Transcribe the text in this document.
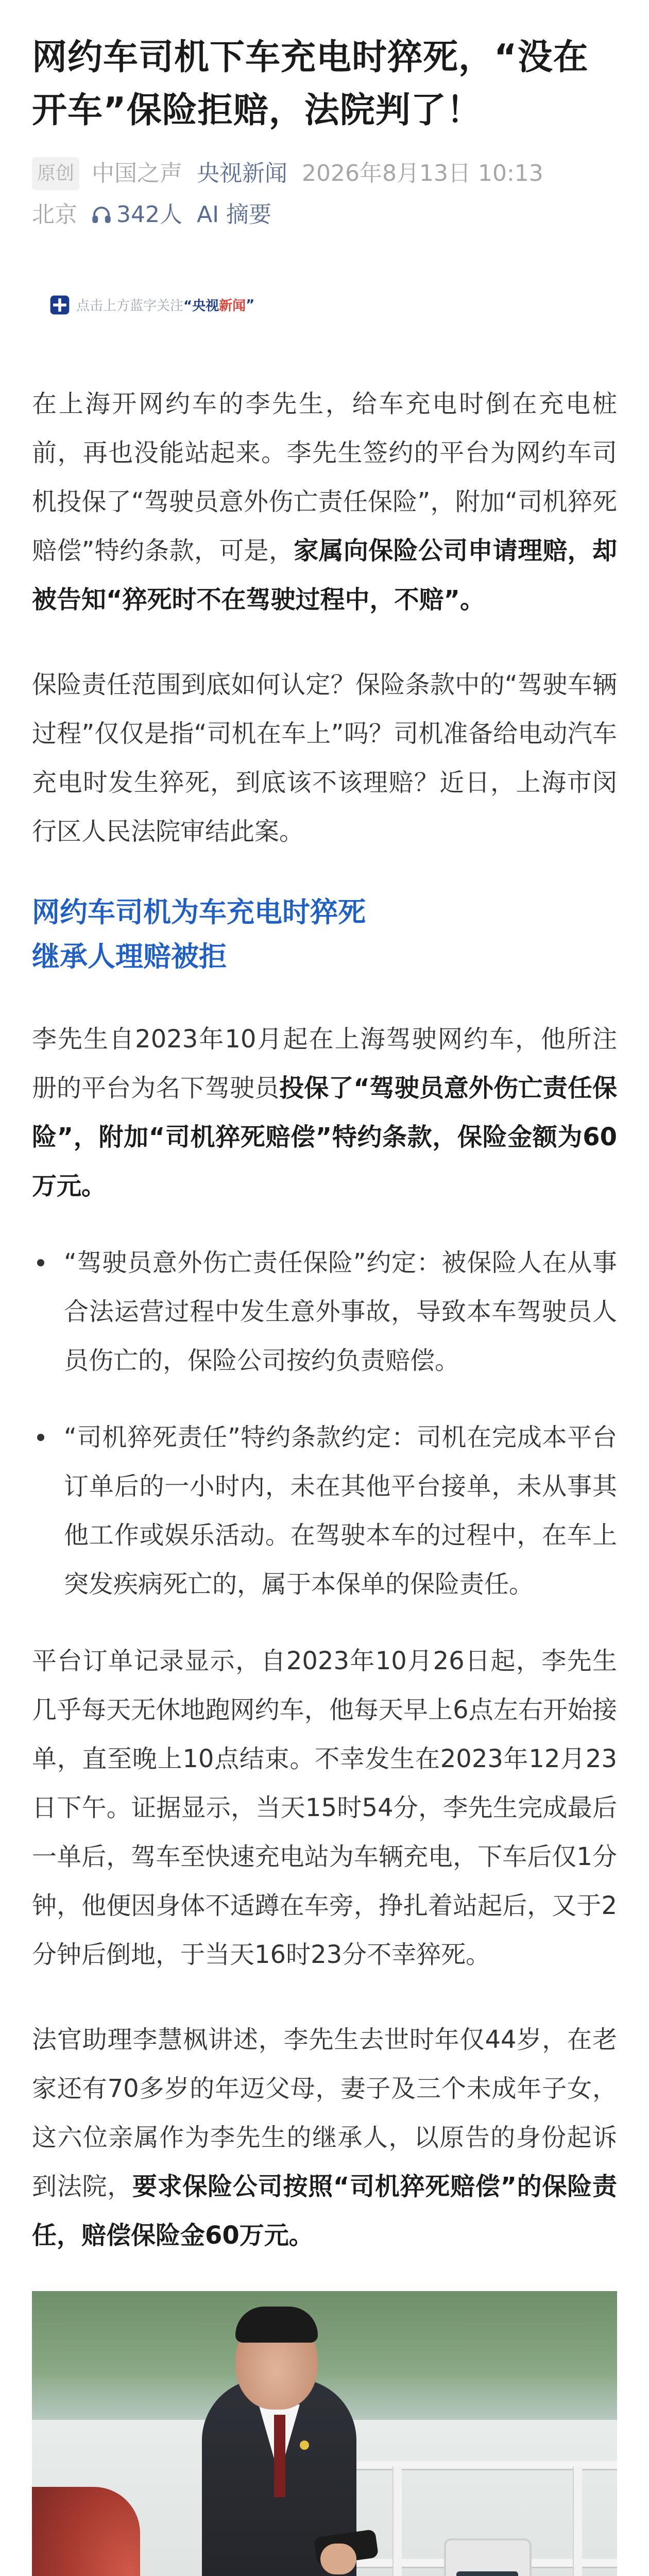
网约车司机下车充电时猝死，“没在开车”保险拒赔，法院判了！
原创 中国之声 央视新闻 2026年8月13日 10:13
北京 342人 AI 摘要
点击上方蓝字关注 “央视 新闻 ”

在上海开网约车的李先生，给车充电时倒在充电桩前，再也没能站起来。李先生签约的平台为网约车司机投保了“驾驶员意外伤亡责任保险”，附加“司机猝死赔偿”特约条款，可是，家属向保险公司申请理赔，却被告知“猝死时不在驾驶过程中，不赔”。

保险责任范围到底如何认定？保险条款中的“驾驶车辆过程”仅仅是指“司机在车上”吗？司机准备给电动汽车充电时发生猝死，到底该不该理赔？近日，上海市闵行区人民法院审结此案。

网约车司机为车充电时猝死
继承人理赔被拒

李先生自2023年10月起在上海驾驶网约车，他所注册的平台为名下驾驶员投保了“驾驶员意外伤亡责任保险”，附加“司机猝死赔偿”特约条款，保险金额为60万元。

“驾驶员意外伤亡责任保险”约定：被保险人在从事合法运营过程中发生意外事故，导致本车驾驶员人员伤亡的，保险公司按约负责赔偿。
“司机猝死责任”特约条款约定：司机在完成本平台订单后的一小时内，未在其他平台接单，未从事其他工作或娱乐活动。在驾驶本车的过程中，在车上突发疾病死亡的，属于本保单的保险责任。

平台订单记录显示，自2023年10月26日起，李先生几乎每天无休地跑网约车，他每天早上6点左右开始接单，直至晚上10点结束。不幸发生在2023年12月23日下午。证据显示，当天15时54分，李先生完成最后一单后，驾车至快速充电站为车辆充电，下车后仅1分钟，他便因身体不适蹲在车旁，挣扎着站起后，又于2分钟后倒地，于当天16时23分不幸猝死。

法官助理李慧枫讲述，李先生去世时年仅44岁，在老家还有70多岁的年迈父母，妻子及三个未成年子女，这六位亲属作为李先生的继承人，以原告的身份起诉到法院，要求保险公司按照“司机猝死赔偿”的保险责任，赔偿保险金60万元。
